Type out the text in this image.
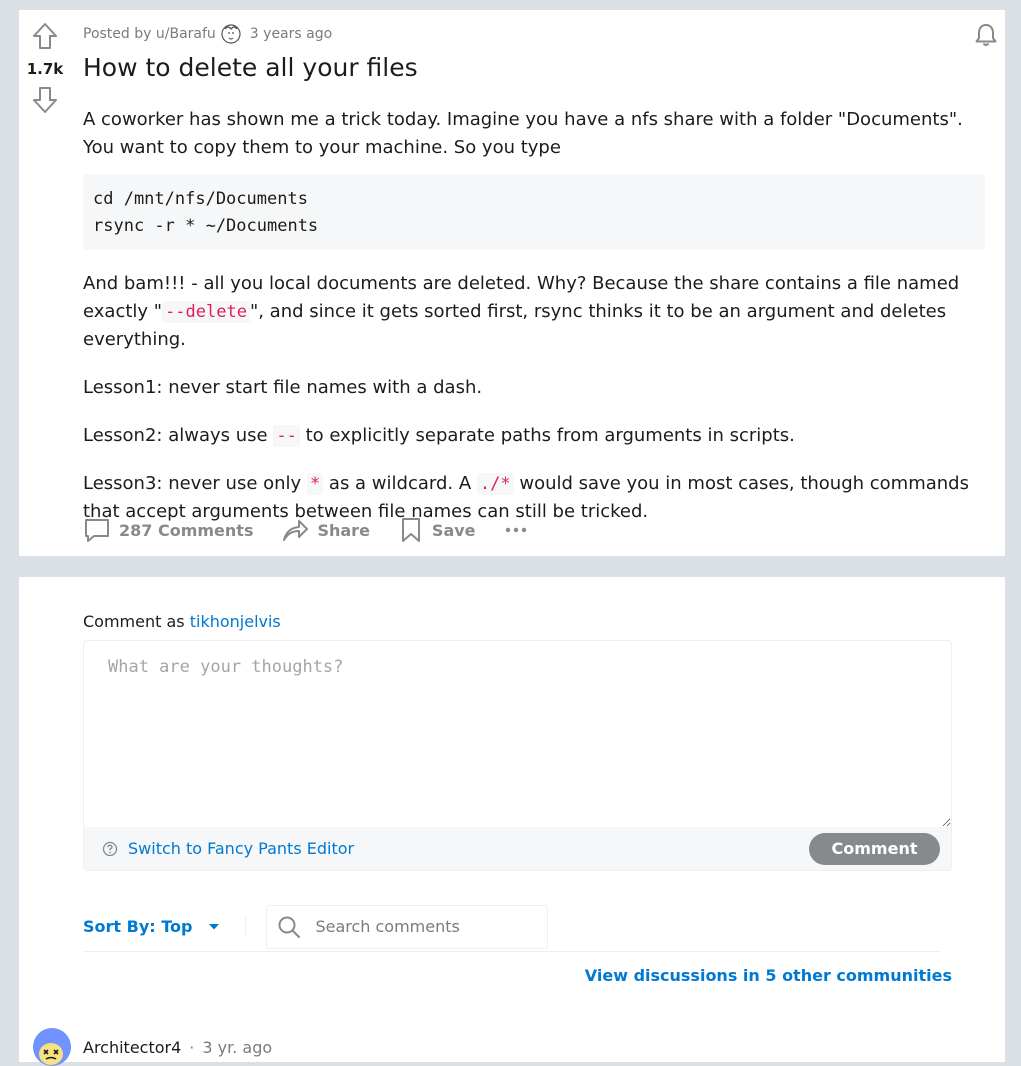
1.7k
Posted by
u/Barafu 3 years ago
How to delete all your files

A coworker has shown me a trick today. Imagine you have a nfs share with a folder "Documents". You want to copy them to your machine. So you type

cd /mnt/nfs/Documents
rsync -r * ~/Documents

And bam!!! - all you local documents are deleted. Why? Because the share contains a file named exactly " --delete ", and since it gets sorted first, rsync thinks it to be an argument and deletes everything.

Lesson1: never start file names with a dash.

Lesson2: always use -- to explicitly separate paths from arguments in scripts.

Lesson3: never use only * as a wildcard. A ./* would save you in most cases, though commands that accept arguments between file names can still be tricked.

287 Comments	Share	Save
Comment as tikhonjelvis
What are your thoughts?
Switch to Fancy Pants Editor	Comment
Sort By: Top
Search comments
View discussions in 5 other communities
Architector4 · 3 yr. ago
